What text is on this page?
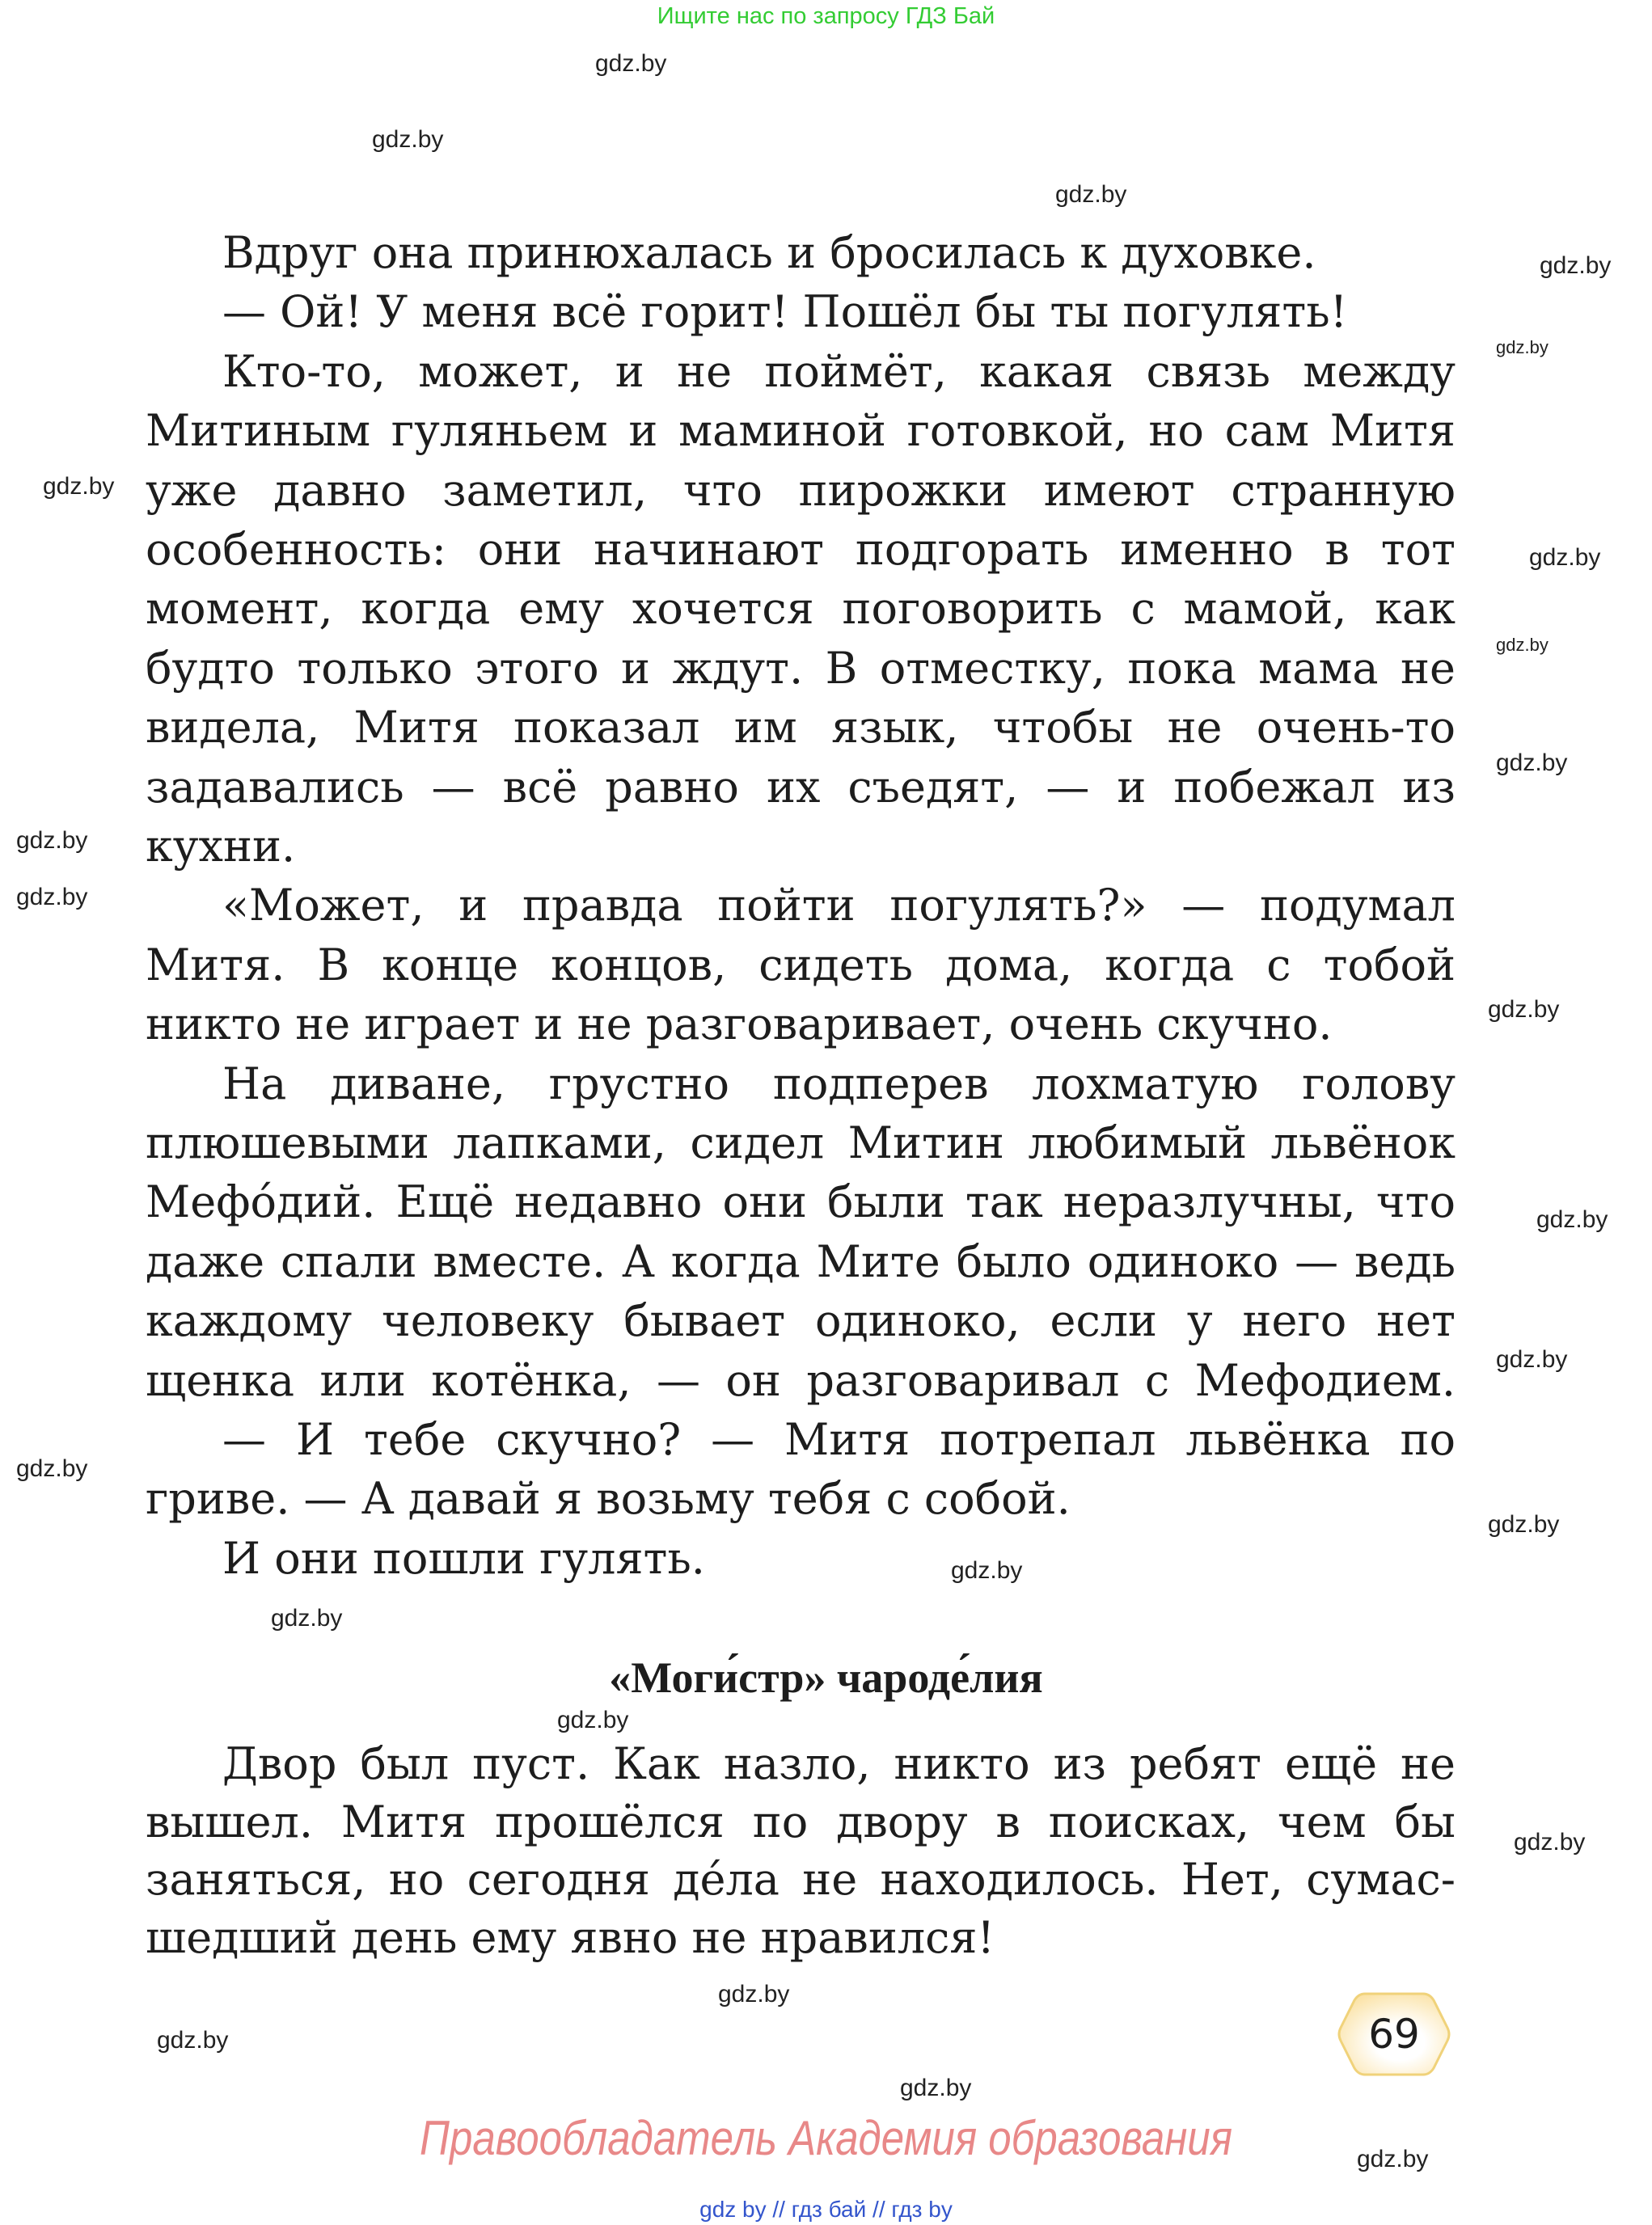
Ищите нас по запросу ГДЗ Бай
Вдруг она принюхалась и бросилась к духовке.
— Ой! У меня всё горит! Пошёл бы ты погулять!
Кто-то, может, и не поймёт, какая связь между
Митиным гуляньем и маминой готовкой, но сам Митя
уже давно заметил, что пирожки имеют странную
особенность: они начинают подгорать именно в тот
момент, когда ему хочется поговорить с мамой, как
будто только этого и ждут. В отместку, пока мама не
видела, Митя показал им язык, чтобы не очень-то
задавались — всё равно их съедят, — и побежал из
кухни.
«Может, и правда пойти погулять?» — подумал
Митя. В конце концов, сидеть дома, когда с тобой
никто не играет и не разговаривает, очень скучно.
На диване, грустно подперев лохматую голову
плюшевыми лапками, сидел Митин любимый львёнок
Мефóдий. Ещё недавно они были так неразлучны, что
даже спали вместе. А когда Мите было одиноко — ведь
каждому человеку бывает одиноко, если у него нет
щенка или котёнка, — он разговаривал с Мефодием.
— И тебе скучно? — Митя потрепал львёнка по
гриве. — А давай я возьму тебя с собой.
И они пошли гулять.
«Моги́стр» чароде́лия
Двор был пуст. Как назло, никто из ребят ещё не
вышел. Митя прошёлся по двору в поисках, чем бы
заняться, но сегодня дéла не находилось. Нет, сумас-
шедший день ему явно не нравился!
gdz.by
gdz.by
gdz.by
gdz.by
gdz.by
gdz.by
gdz.by
gdz.by
gdz.by
gdz.by
gdz.by
gdz.by
gdz.by
gdz.by
gdz.by
gdz.by
gdz.by
gdz.by
gdz.by
gdz.by
gdz.by
gdz.by
gdz.by
gdz.by
69
Правообладатель Академия образования
gdz by // гдз бай // гдз by
